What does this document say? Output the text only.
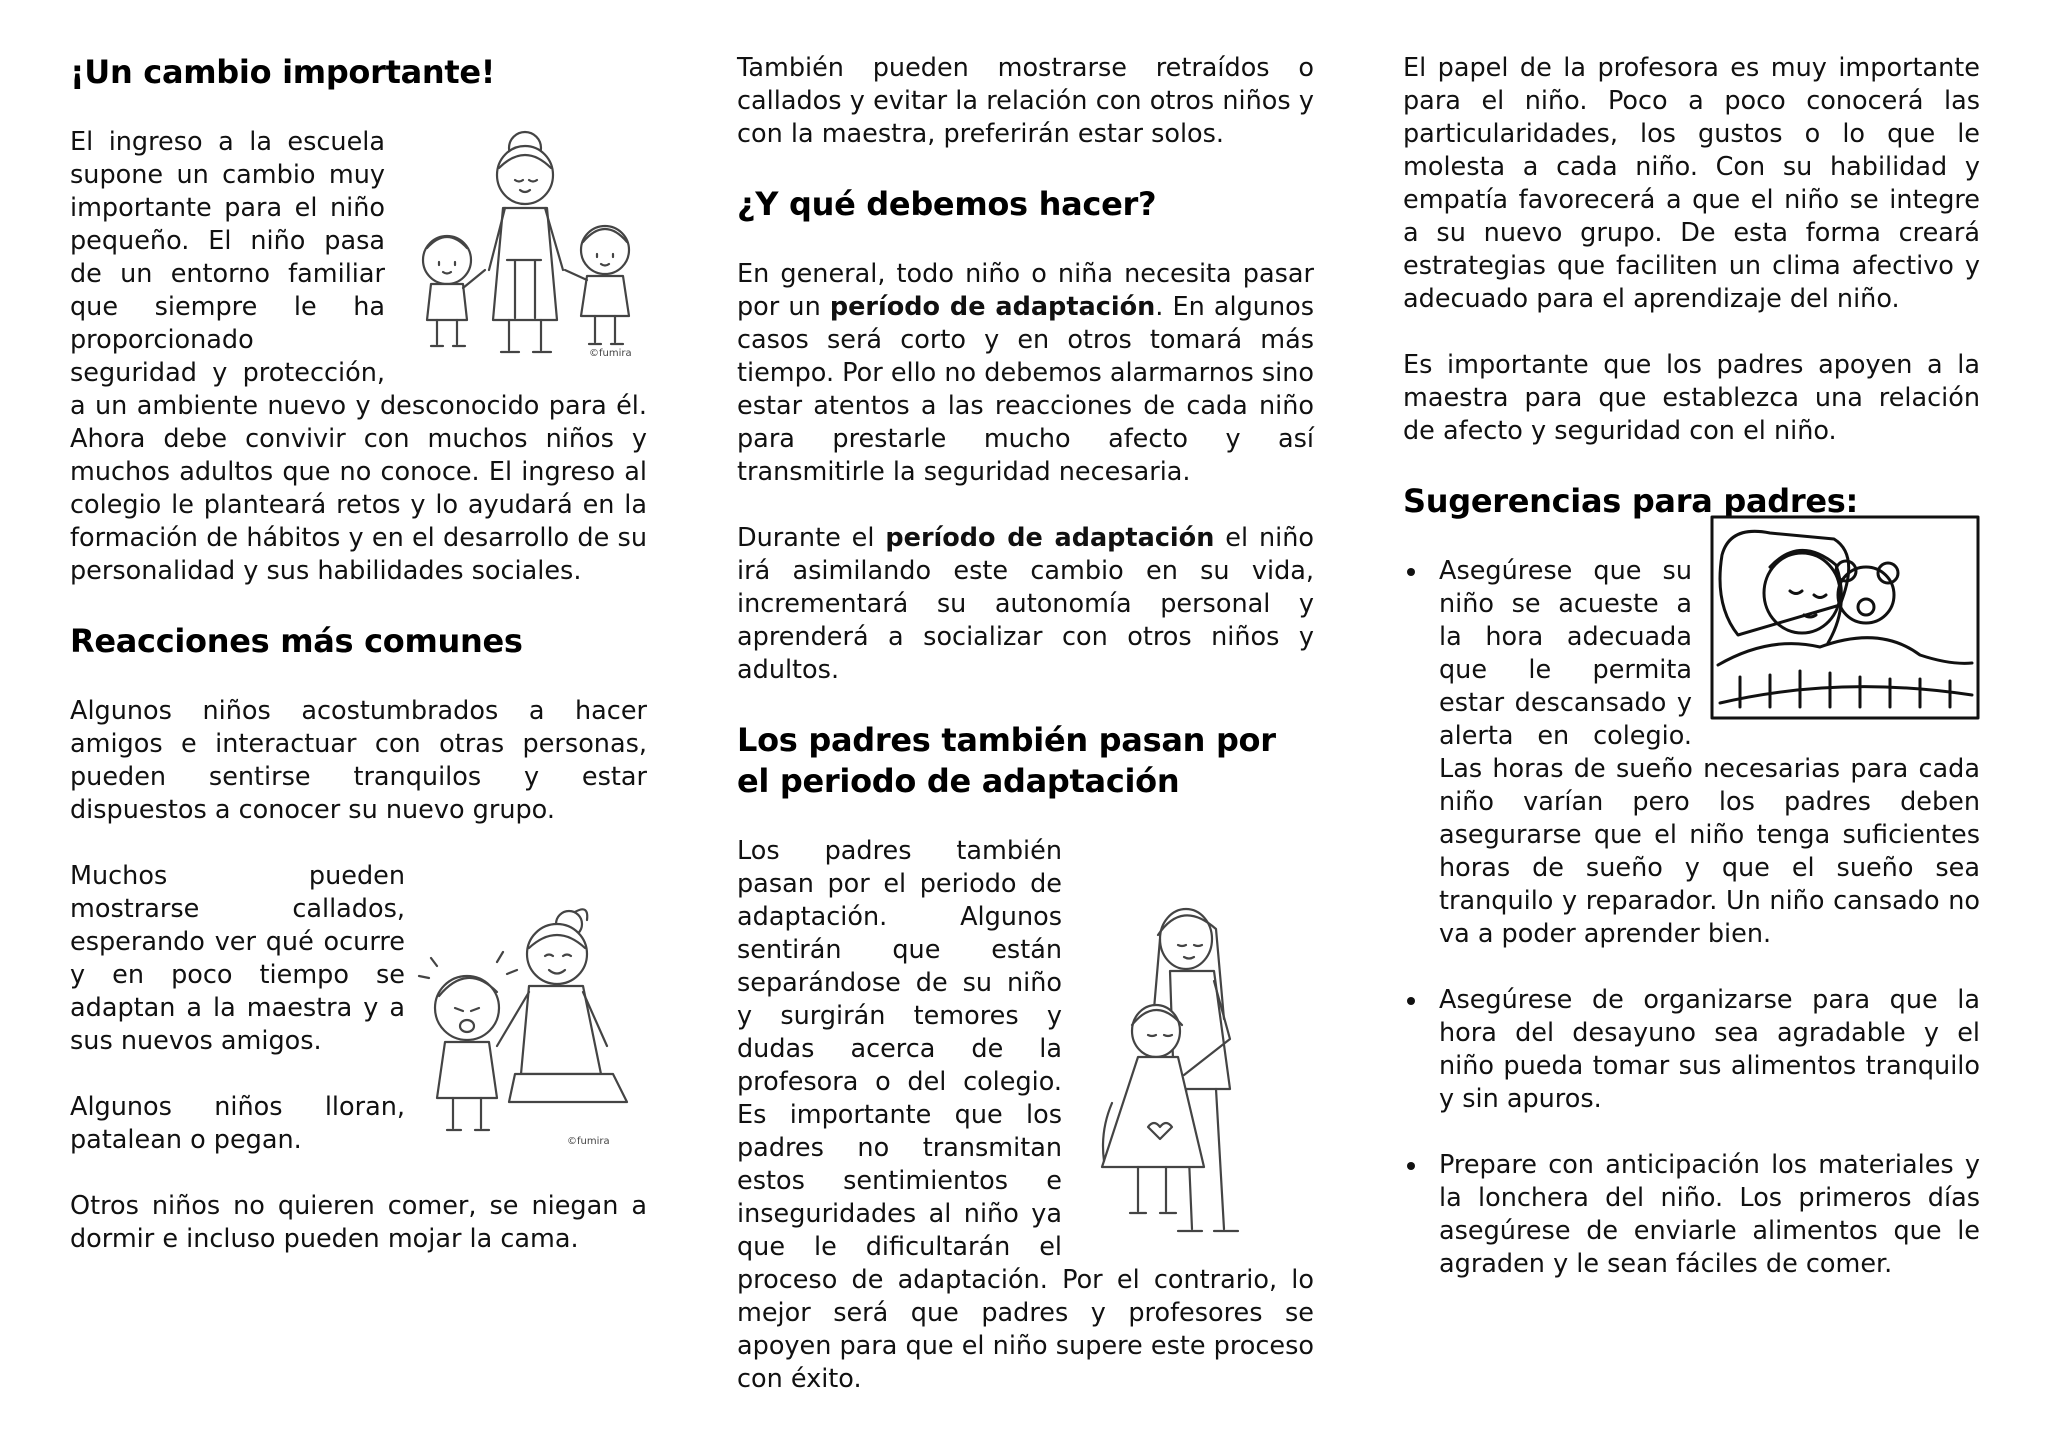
¡Un cambio importante!
©fumira

El ingreso a la escuela supone un cambio muy importante para el niño pequeño. El niño pasa de un entorno familiar que siempre le ha proporcionado seguridad y protección, a un ambiente nuevo y desconocido para él. Ahora debe convivir con muchos niños y muchos adultos que no conoce. El ingreso al colegio le planteará retos y lo ayudará en la formación de hábitos y en el desarrollo de su personalidad y sus habilidades sociales.

Reacciones más comunes

Algunos niños acostumbrados a hacer amigos e interactuar con otras personas, pueden sentirse tranquilos y estar dispuestos a conocer su nuevo grupo.

©fumira

Muchos pueden mostrarse callados, esperando ver qué ocurre y en poco tiempo se adaptan a la maestra y a sus nuevos amigos.

Algunos niños lloran, patalean o pegan.

Otros niños no quieren comer, se niegan a dormir e incluso pueden mojar la cama.

También pueden mostrarse retraídos o callados y evitar la relación con otros niños y con la maestra, preferirán estar solos.

¿Y qué debemos hacer?

En general, todo niño o niña necesita pasar por un período de adaptación. En algunos casos será corto y en otros tomará más tiempo. Por ello no debemos alarmarnos sino estar atentos a las reacciones de cada niño para prestarle mucho afecto y así transmitirle la seguridad necesaria.

Durante el período de adaptación el niño irá asimilando este cambio en su vida, incrementará su autonomía personal y aprenderá a socializar con otros niños y adultos.

Los padres también pasan por el periodo de adaptación

Los padres también pasan por el periodo de adaptación. Algunos sentirán que están separándose de su niño y surgirán temores y dudas acerca de la profesora o del colegio. Es importante que los padres no transmitan estos sentimientos e inseguridades al niño ya que le dificultarán el proceso de adaptación. Por el contrario, lo mejor será que padres y profesores se apoyen para que el niño supere este proceso con éxito.

El papel de la profesora es muy importante para el niño. Poco a poco conocerá las particularidades, los gustos o lo que le molesta a cada niño. Con su habilidad y empatía favorecerá a que el niño se integre a su nuevo grupo. De esta forma creará estrategias que faciliten un clima afectivo y adecuado para el aprendizaje del niño.

Es importante que los padres apoyen a la maestra para que establezca una relación de afecto y seguridad con el niño.

Sugerencias para padres:

Asegúrese que su niño se acueste a la hora adecuada que le permita estar descansado y alerta en colegio. Las horas de sueño necesarias para cada niño varían pero los padres deben asegurarse que el niño tenga suficientes horas de sueño y que el sueño sea tranquilo y reparador. Un niño cansado no va a poder aprender bien.

Asegúrese de organizarse para que la hora del desayuno sea agradable y el niño pueda tomar sus alimentos tranquilo y sin apuros.

Prepare con anticipación los materiales y la lonchera del niño. Los primeros días asegúrese de enviarle alimentos que le agraden y le sean fáciles de comer.
